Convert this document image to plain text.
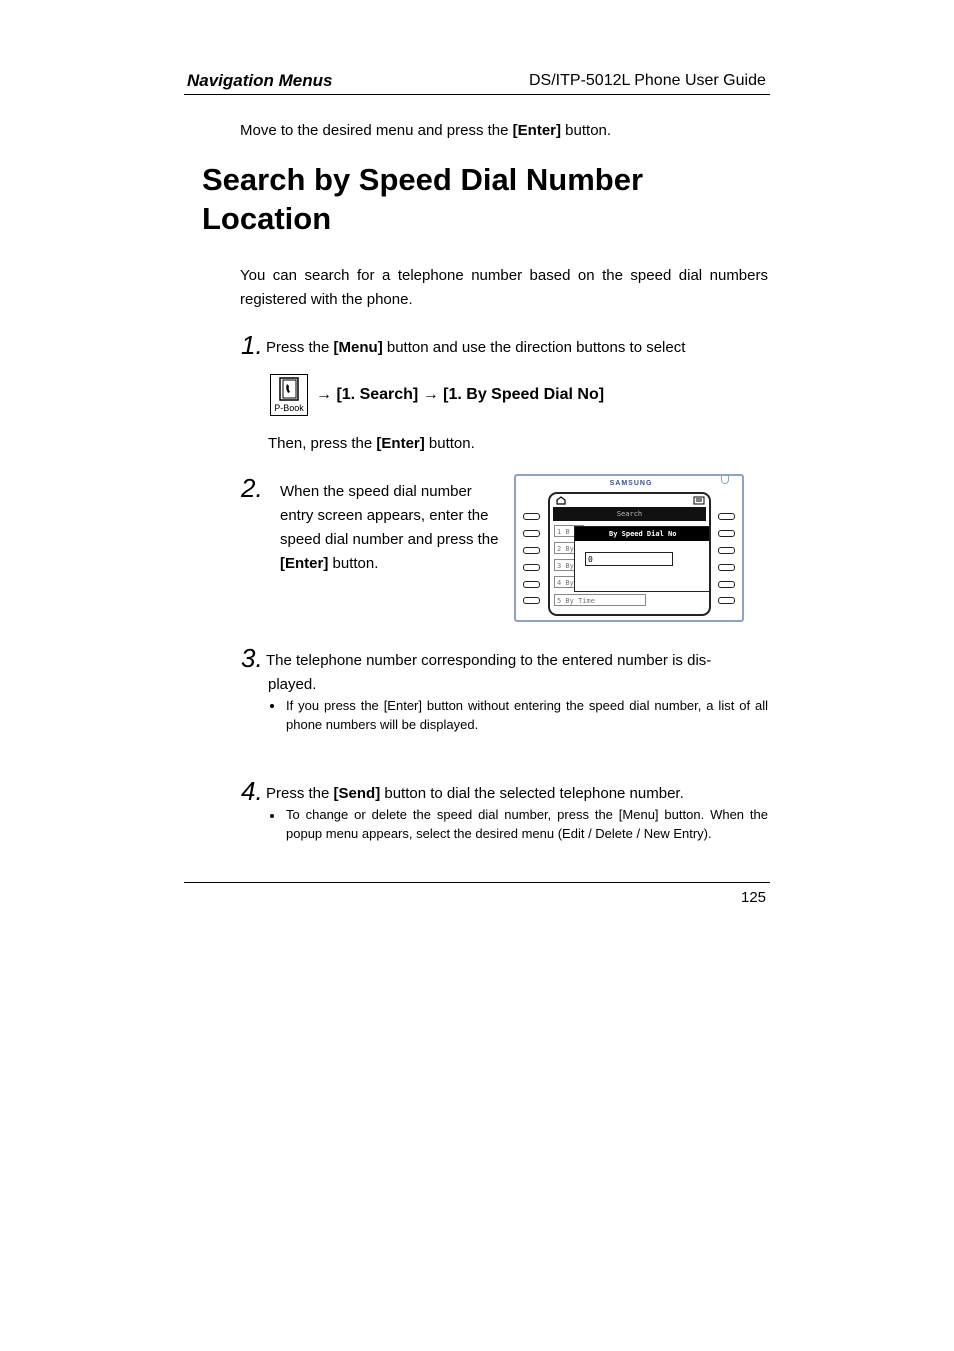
Navigation Menus	DS/ITP-5012L Phone User Guide
Move to the desired menu and press the [Enter] button.
Search by Speed Dial Number Location
You can search for a telephone number based on the speed dial numbers registered with the phone.
1. Press the [Menu] button and use the direction buttons to select
P-Book
→ [1. Search] → [1. By Speed Dial No]
Then, press the [Enter] button.
2. When the speed dial number entry screen appears, enter the speed dial number and press the [Enter] button.
SAMSUNG
Search
1 B
2 By
3 By
4 By
5 By Time
By Speed Dial No
0
3. The telephone number corresponding to the entered number is dis-
played.
If you press the [Enter] button without entering the speed dial number, a list of all phone numbers will be displayed.
4. Press the [Send] button to dial the selected telephone number.
To change or delete the speed dial number, press the [Menu] button. When the popup menu appears, select the desired menu (Edit / Delete / New Entry).
125
